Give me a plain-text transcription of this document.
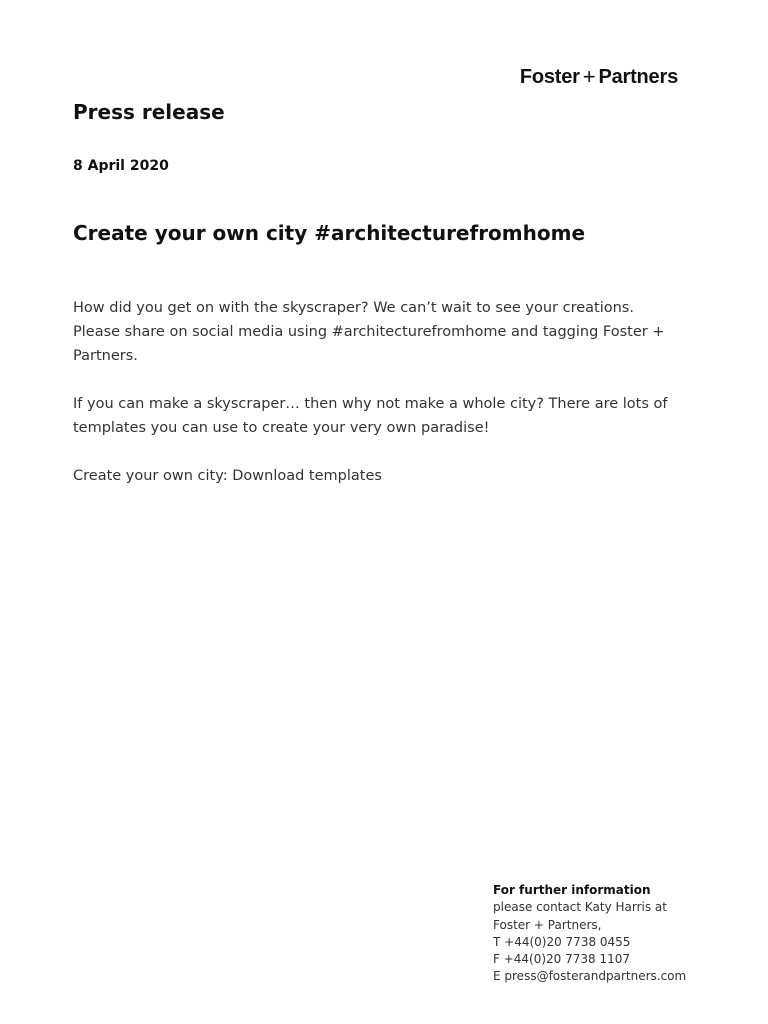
Foster + Partners
Press release

8 April 2020

Create your own city #architecturefromhome

How did you get on with the skyscraper? We can’t wait to see your creations. Please share on social media using #architecturefromhome and tagging Foster + Partners.

If you can make a skyscraper… then why not make a whole city? There are lots of templates you can use to create your very own paradise!

Create your own city: Download templates

For further information
please contact Katy Harris at
Foster + Partners,
T +44(0)20 7738 0455
F +44(0)20 7738 1107
E press@fosterandpartners.com
